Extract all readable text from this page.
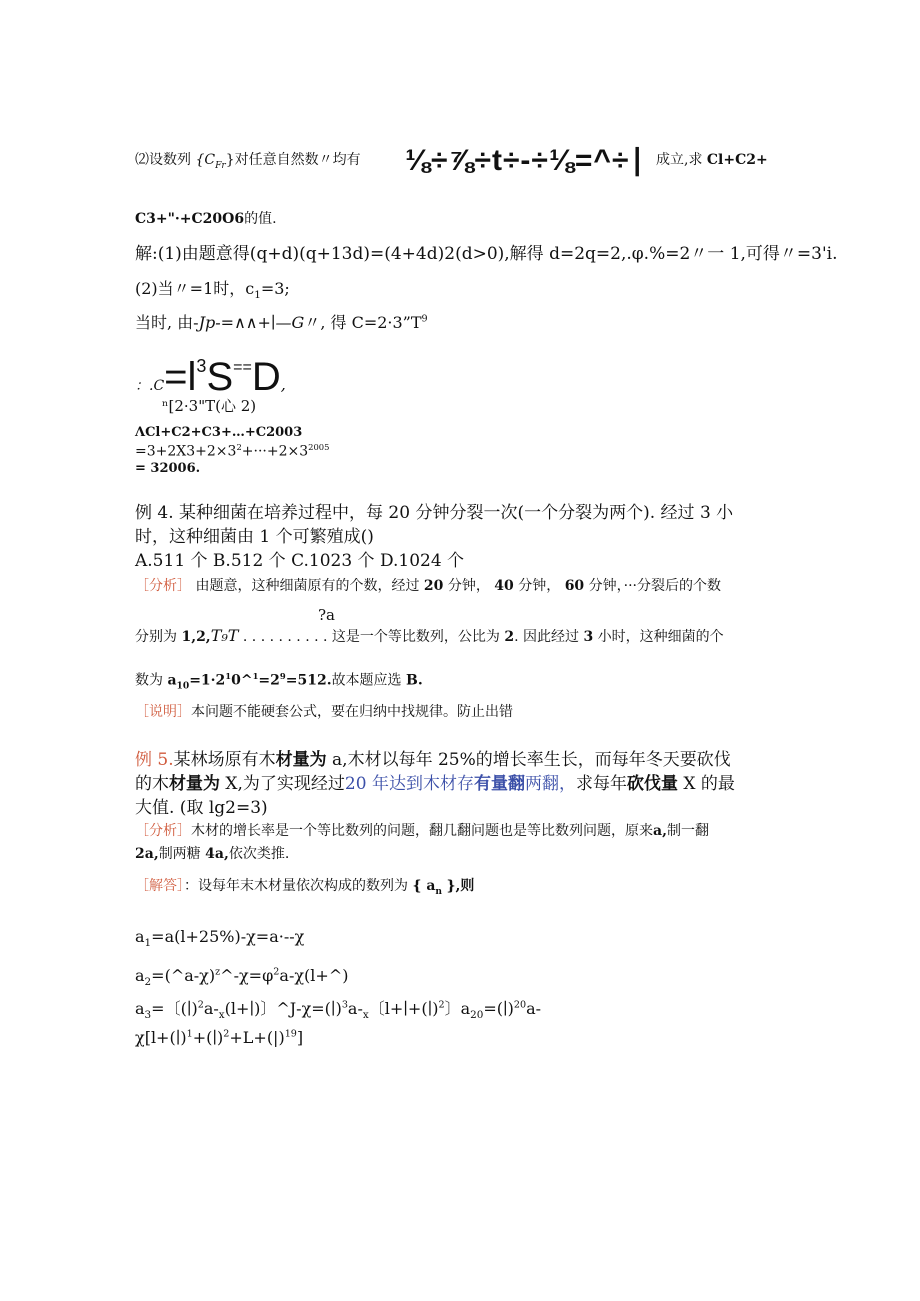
⑵设数列 $\{C_{Fr}\}$对任意自然数〃均有 ⅛÷⅞÷t÷-÷⅛=^÷∣ 成立,求 Cl+C2+
C3+"·+C20O6的值.
解:(1)由题意得(q+d)(q+13d)=(4+4d)2(d>0),解得 d=2q=2,.φ.%=2〃一 1,可得〃=3'i.
(2)当〃=1时，$c_1=3$;
当时, 由-Jp-=∧∧+∣—G〃, 得 $C=2\cdot 3”T^9$
：$.C=l^3S==D$,
ⁿ[2·3"T(心 2)
ΛCl+C2+C3+…+C2003
$=3+2X3+2\times 3^2+\cdot\cdot\cdot+2\times 3^{2005}$
= 32006.
例 4. 某种细菌在培养过程中，每 20 分钟分裂一次(一个分裂为两个). 经过 3 小
时，这种细菌由 1 个可繁殖成()
A.511 个 B.512 个 C.1023 个 D.1024 个
［分析］ 由题意，这种细菌原有的个数，经过 20 分钟， 40 分钟， 60 分钟，···分裂后的个数
?a
分别为 1,2,T₉T . . . . . . . . . . 这是一个等比数列，公比为 2. 因此经过 3 小时，这种细菌的个
数为 $a_{10}=1\cdot 2^10\^{}^1=2^9=512$.故本题应选 B.
［说明］本问题不能硬套公式，要在归纳中找规律。防止出错
例 5.某林场原有木材量为 a,木材以每年 25%的增长率生长，而每年冬天要砍伐
的木材量为 X,为了实现经过20 年达到木材存有量翻两翻，求每年砍伐量 X 的最
大值. (取 lg2=3)
［分析］木材的增长率是一个等比数列的问题，翻几翻问题也是等比数列问题，原来a,制一翻
2a,制两糖 4a,依次类推.
［解答］：设每年末木材量依次构成的数列为 { $a_n$ },则
$a_1=a(l+25\%)-\chi=a\cdot--\chi$
$a_2=(\^{}a-\chi)^z\^{}-\chi=\varphi^2a-\chi(l+\^{})$
$a_3=$〔$(∣)^2a-_x(l+∣)$〕$\^{}J-\chi=(∣)^3a-_x$〔l+∣+(∣)$^2$〕$a_{20}=(∣)^{20}a-$
χ[l+(∣)$^1$+(∣)$^2$+L+(|)$^{19}$]
